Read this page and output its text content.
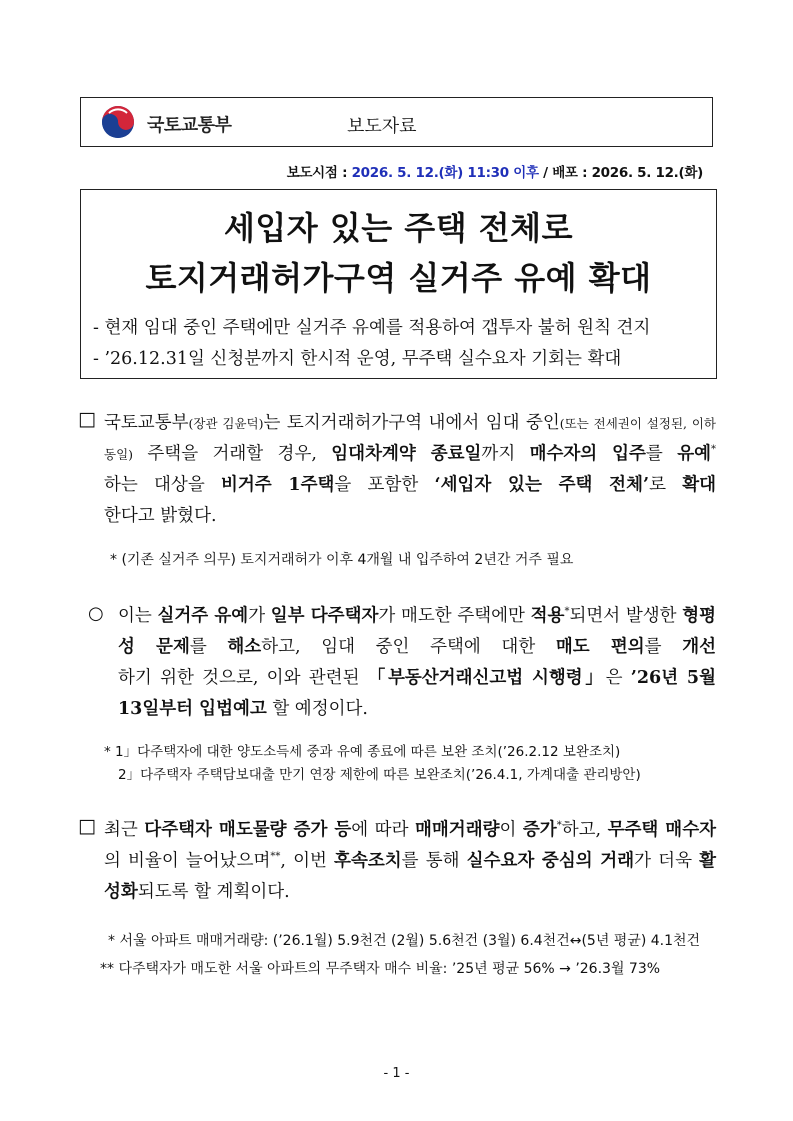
국토교통부	보도자료
보도시점 : 2026. 5. 12.(화) 11:30 이후 / 배포 : 2026. 5. 12.(화)
세입자 있는 주택 전체로
토지거래허가구역 실거주 유예 확대
- 현재 임대 중인 주택에만 실거주 유예를 적용하여 갭투자 불허 원칙 견지
- ’26.12.31일 신청분까지 한시적 운영, 무주택 실수요자 기회는 확대
□ 국토교통부(장관 김윤덕)는 토지거래허가구역 내에서 임대 중인(또는 전세권이 설정된, 이하 동일) 주택을 거래할 경우, 임대차계약 종료일까지 매수자의 입주를 유예*하는 대상을 비거주 1주택을 포함한 ‘세입자 있는 주택 전체’로 확대한다고 밝혔다.
* (기존 실거주 의무) 토지거래허가 이후 4개월 내 입주하여 2년간 거주 필요
○ 이는 실거주 유예가 일부 다주택자가 매도한 주택에만 적용*되면서 발생한 형평성 문제를 해소하고, 임대 중인 주택에 대한 매도 편의를 개선하기 위한 것으로, 이와 관련된 「부동산거래신고법 시행령」은 ’26년 5월 13일부터 입법예고 할 예정이다.
* 1」다주택자에 대한 양도소득세 중과 유예 종료에 따른 보완 조치(’26.2.12 보완조치)
2」다주택자 주택담보대출 만기 연장 제한에 따른 보완조치(’26.4.1, 가계대출 관리방안)
□ 최근 다주택자 매도물량 증가 등에 따라 매매거래량이 증가*하고, 무주택 매수자의 비율이 늘어났으며**, 이번 후속조치를 통해 실수요자 중심의 거래가 더욱 활성화되도록 할 계획이다.
* 서울 아파트 매매거래량: (’26.1월) 5.9천건 (2월) 5.6천건 (3월) 6.4천건↔(5년 평균) 4.1천건
** 다주택자가 매도한 서울 아파트의 무주택자 매수 비율: ’25년 평균 56% → ’26.3월 73%
- 1 -
